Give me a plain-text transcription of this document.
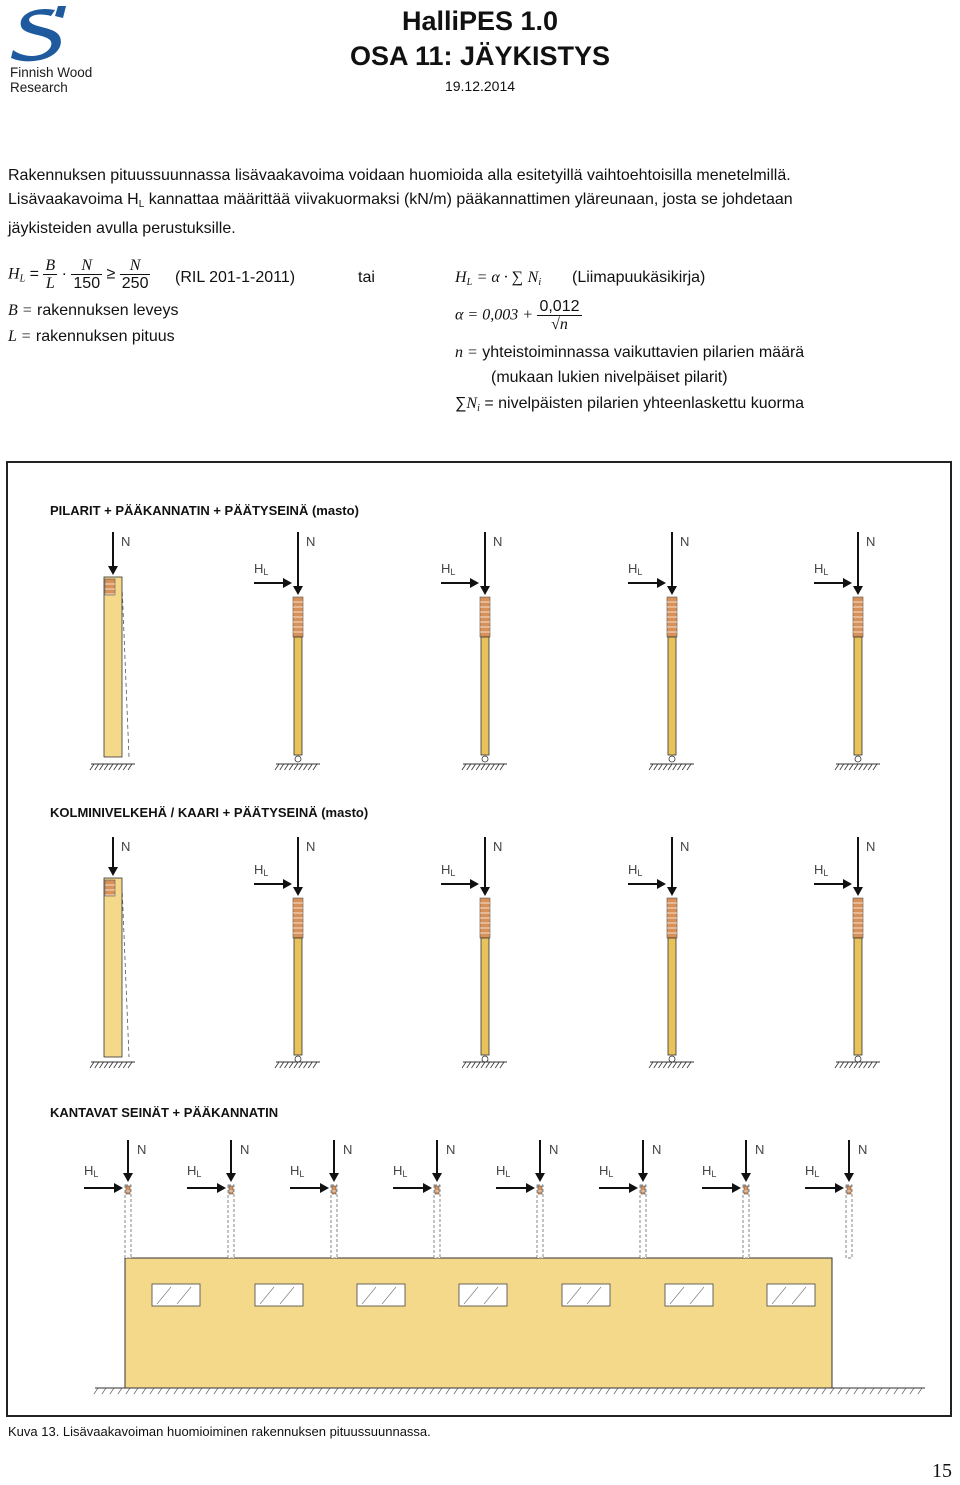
Finnish Wood
Research
HalliPES 1.0
OSA 11: JÄYKISTYS
19.12.2014

Rakennuksen pituussuunnassa lisävaakavoima voidaan huomioida alla esitetyillä vaihtoehtoisilla menetelmillä.

Lisävaakavoima $H_L$ kannattaa määrittää viivakuormaksi (kN/m) pääkannattimen yläreunaan, josta se johdetaan

jäykisteiden avulla perustuksille.

$H_L = \frac{B}{L} \cdot \frac{N}{150} \ge \frac{N}{250} (RIL$ 201-1-2011)
B = rakennuksen leveys
L = rakennuksen pituus
tai	$H_L = \alpha$ · ∑ $N_i$ (Liimapuukäsikirja)
$\alpha = 0,003 + \frac{0,012}{√n}$
n = yhteistoiminnassa vaikuttavien pilarien määrä
(mukaan lukien nivelpäiset pilarit)
$\sum N_i$ = nivelpäisten pilarien yhteenlaskettu kuorma
PILARIT + PÄÄKANNATIN + PÄÄTYSEINÄ (masto)
KOLMINIVELKEHÄ / KAARI + PÄÄTYSEINÄ (masto)
KANTAVAT SEINÄT + PÄÄKANNATIN
N	N
HL
N
HL
N
HL
N
HL
N	N
HL
N
HL
N
HL
N
HL
N
HL
N
HL
N
HL
N
HL
N
HL
N
HL
N
HL
N
HL
Kuva 13. Lisävaakavoiman huomioiminen rakennuksen pituussuunnassa.
15
